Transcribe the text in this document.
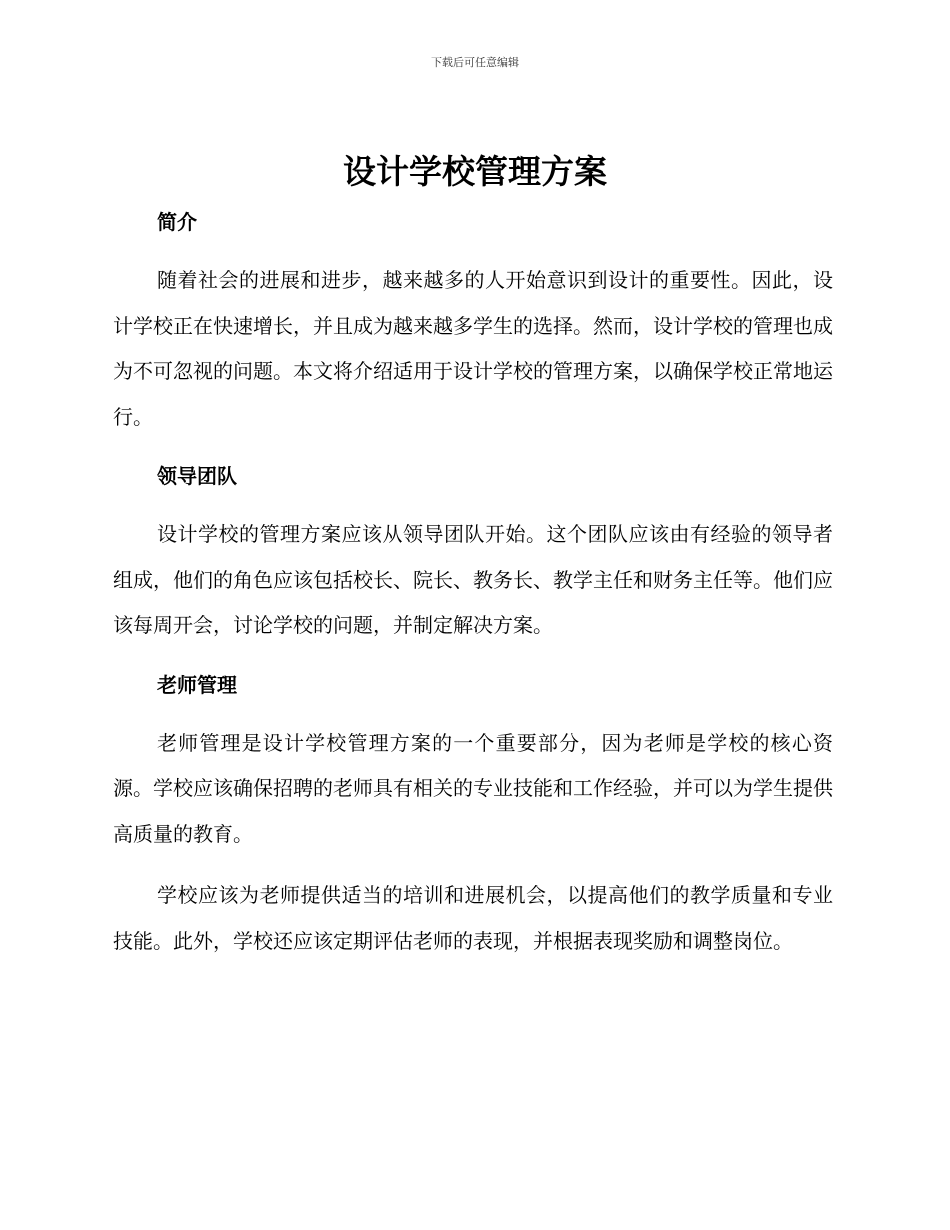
下载后可任意编辑
设计学校管理方案
简介

随着社会的进展和进步，越来越多的人开始意识到设计的重要性。因此，设计学校正在快速增长，并且成为越来越多学生的选择。然而，设计学校的管理也成为不可忽视的问题。本文将介绍适用于设计学校的管理方案，以确保学校正常地运行。

领导团队

设计学校的管理方案应该从领导团队开始。这个团队应该由有经验的领导者组成，他们的角色应该包括校长、院长、教务长、教学主任和财务主任等。他们应该每周开会，讨论学校的问题，并制定解决方案。

老师管理

老师管理是设计学校管理方案的一个重要部分，因为老师是学校的核心资源。学校应该确保招聘的老师具有相关的专业技能和工作经验，并可以为学生提供高质量的教育。

学校应该为老师提供适当的培训和进展机会，以提高他们的教学质量和专业技能。此外，学校还应该定期评估老师的表现，并根据表现奖励和调整岗位。
